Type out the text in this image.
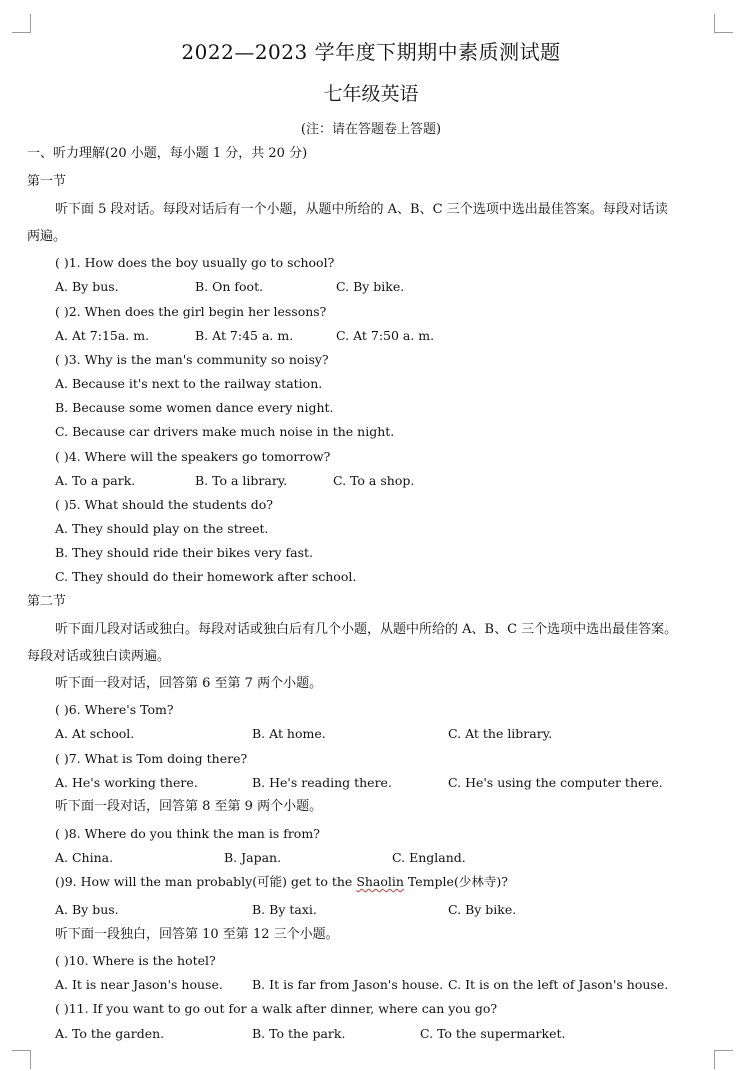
2022—2023 学年度下期期中素质测试题
七年级英语
(注：请在答题卷上答题)
一、听力理解(20 小题，每小题 1 分，共 20 分)
第一节
听下面 5 段对话。每段对话后有一个小题，从题中所给的 A、B、C 三个选项中选出最佳答案。每段对话读
两遍。
( )1. How does the boy usually go to school?
A. By bus.	B. On foot.	C. By bike.
( )2. When does the girl begin her lessons?
A. At 7:15a. m.	B. At 7:45 a. m.	C. At 7:50 a. m.
( )3. Why is the man's community so noisy?
A. Because it's next to the railway station.
B. Because some women dance every night.
C. Because car drivers make much noise in the night.
( )4. Where will the speakers go tomorrow?
A. To a park.	B. To a library.	C. To a shop.
( )5. What should the students do?
A. They should play on the street.
B. They should ride their bikes very fast.
C. They should do their homework after school.
第二节
听下面几段对话或独白。每段对话或独白后有几个小题，从题中所给的 A、B、C 三个选项中选出最佳答案。
每段对话或独白读两遍。
听下面一段对话，回答第 6 至第 7 两个小题。
( )6. Where's Tom?
A. At school.	B. At home.	C. At the library.
( )7. What is Tom doing there?
A. He's working there.	B. He's reading there.	C. He's using the computer there.
听下面一段对话，回答第 8 至第 9 两个小题。
( )8. Where do you think the man is from?
A. China.	B. Japan.	C. England.
()9. How will the man probably(可能) get to the Shaolin Temple(少林寺)?
A. By bus.	B. By taxi.	C. By bike.
听下面一段独白，回答第 10 至第 12 三个小题。
( )10. Where is the hotel?
A. It is near Jason's house. B. It is far from Jason's house. C. It is on the left of Jason's house.
( )11. If you want to go out for a walk after dinner, where can you go?
A. To the garden.	B. To the park.	C. To the supermarket.
